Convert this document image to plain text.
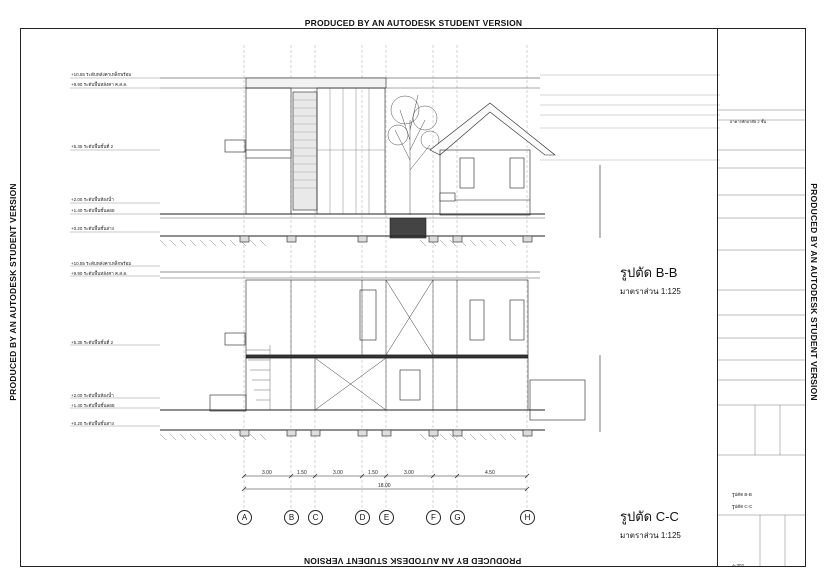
PRODUCED BY AN AUTODESK STUDENT VERSION
PRODUCED BY AN AUTODESK STUDENT VERSION
PRODUCED BY AN AUTODESK STUDENT VERSION	PRODUCED BY AN AUTODESK STUDENT VERSION
+10.55 ระดับหลังคาเหล็กพร้อม
+9.90 ระดับพื้นหลังคา ค.ส.ล.
+5.35 ระดับพื้นชั้นที่ 2
+2.00 ระดับพื้นห้องน้ำ
+1.40 ระดับพื้นชั้นลอย
+0.20 ระดับพื้นชั้นล่าง
+10.55 ระดับหลังคาเหล็กพร้อม
+9.90 ระดับพื้นหลังคา ค.ส.ล.
+5.35 ระดับพื้นชั้นที่ 2
+2.00 ระดับพื้นห้องน้ำ
+1.40 ระดับพื้นชั้นลอย
+0.20 ระดับพื้นชั้นล่าง
รูปตัด B-B
มาตราส่วน 1:125
รูปตัด C-C
มาตราส่วน 1:125
3.00	1.50	3.00	1.50	3.00	4.50
18.00
A	B	C	D	E	F	G	H
อาคารพักอาศัย 2 ชั้น
รูปตัด B-B
รูปตัด C-C
A-302
